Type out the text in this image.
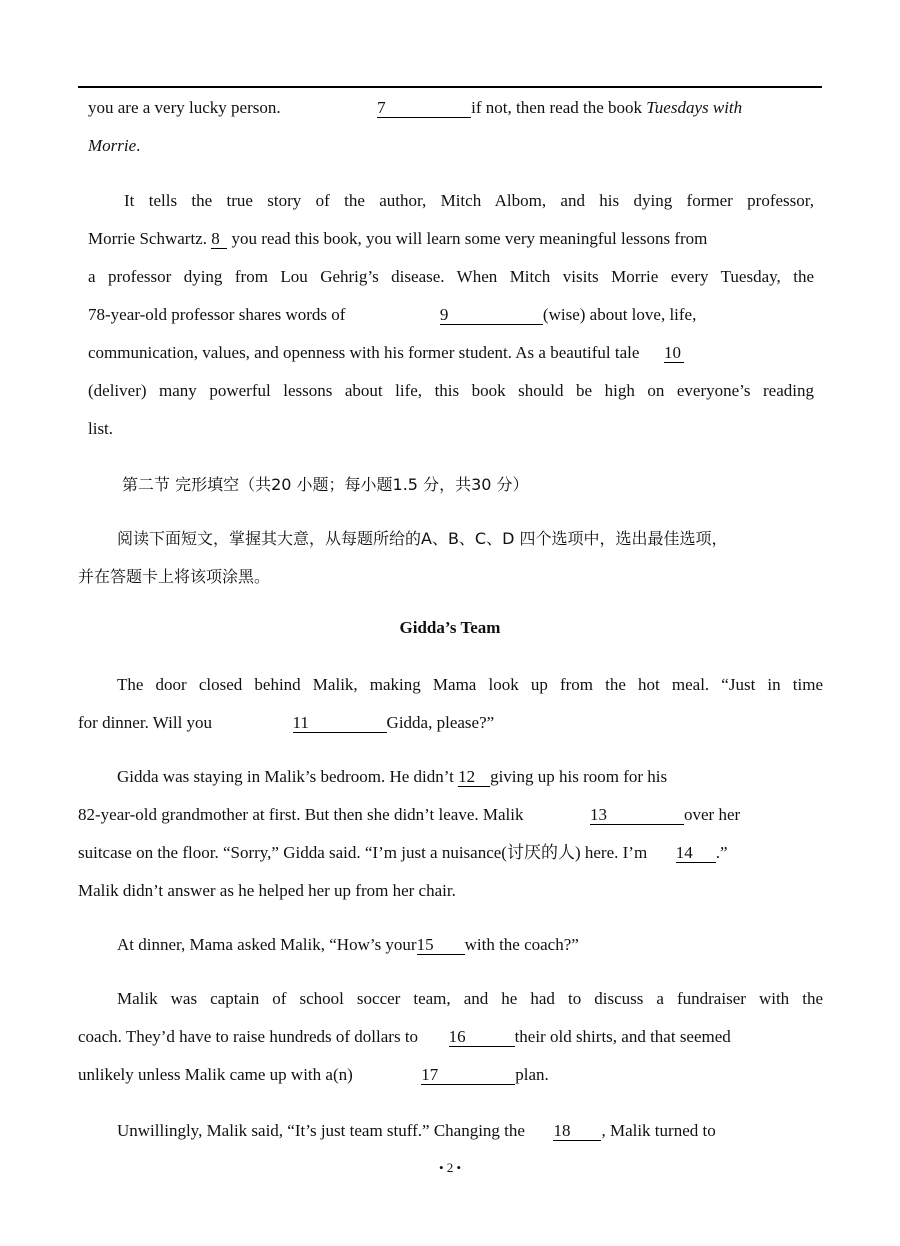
you are a very lucky person.	7	if not, then read the book Tuesdays with
Morrie.
It tells the true story of the author, Mitch Albom, and his dying former professor,
Morrie Schwartz. 8 you read this book, you will learn some very meaningful lessons from
a professor dying from Lou Gehrig’s disease. When Mitch visits Morrie every Tuesday, the
78-year-old professor shares words of	9	(wise) about love, life,
communication, values, and openness with his former student. As a beautiful tale 10
(deliver) many powerful lessons about life, this book should be high on everyone’s reading
list.
第二节 完形填空（共20 小题；每小题1.5 分，共30 分）
阅读下面短文，掌握其大意，从每题所给的A、B、C、D 四个选项中，选出最佳选项，
并在答题卡上将该项涂黑。
Gidda’s Team
The door closed behind Malik, making Mama look up from the hot meal. “Just in time
for dinner. Will you	11	Gidda, please?”
Gidda was staying in Malik’s bedroom. He didn’t 12 giving up his room for his
82-year-old grandmother at first. But then she didn’t leave. Malik	13	over her
suitcase on the floor. “Sorry,” Gidda said. “I’m just a nuisance(讨厌的人) here. I’m 14 .”
Malik didn’t answer as he helped her up from her chair.
At dinner, Mama asked Malik, “How’s your15 with the coach?”
Malik was captain of school soccer team, and he had to discuss a fundraiser with the
coach. They’d have to raise hundreds of dollars to 16	their old shirts, and that seemed
unlikely unless Malik came up with a(n)	17	plan.
Unwillingly, Malik said, “It’s just team stuff.” Changing the 18 , Malik turned to
• 2 •
